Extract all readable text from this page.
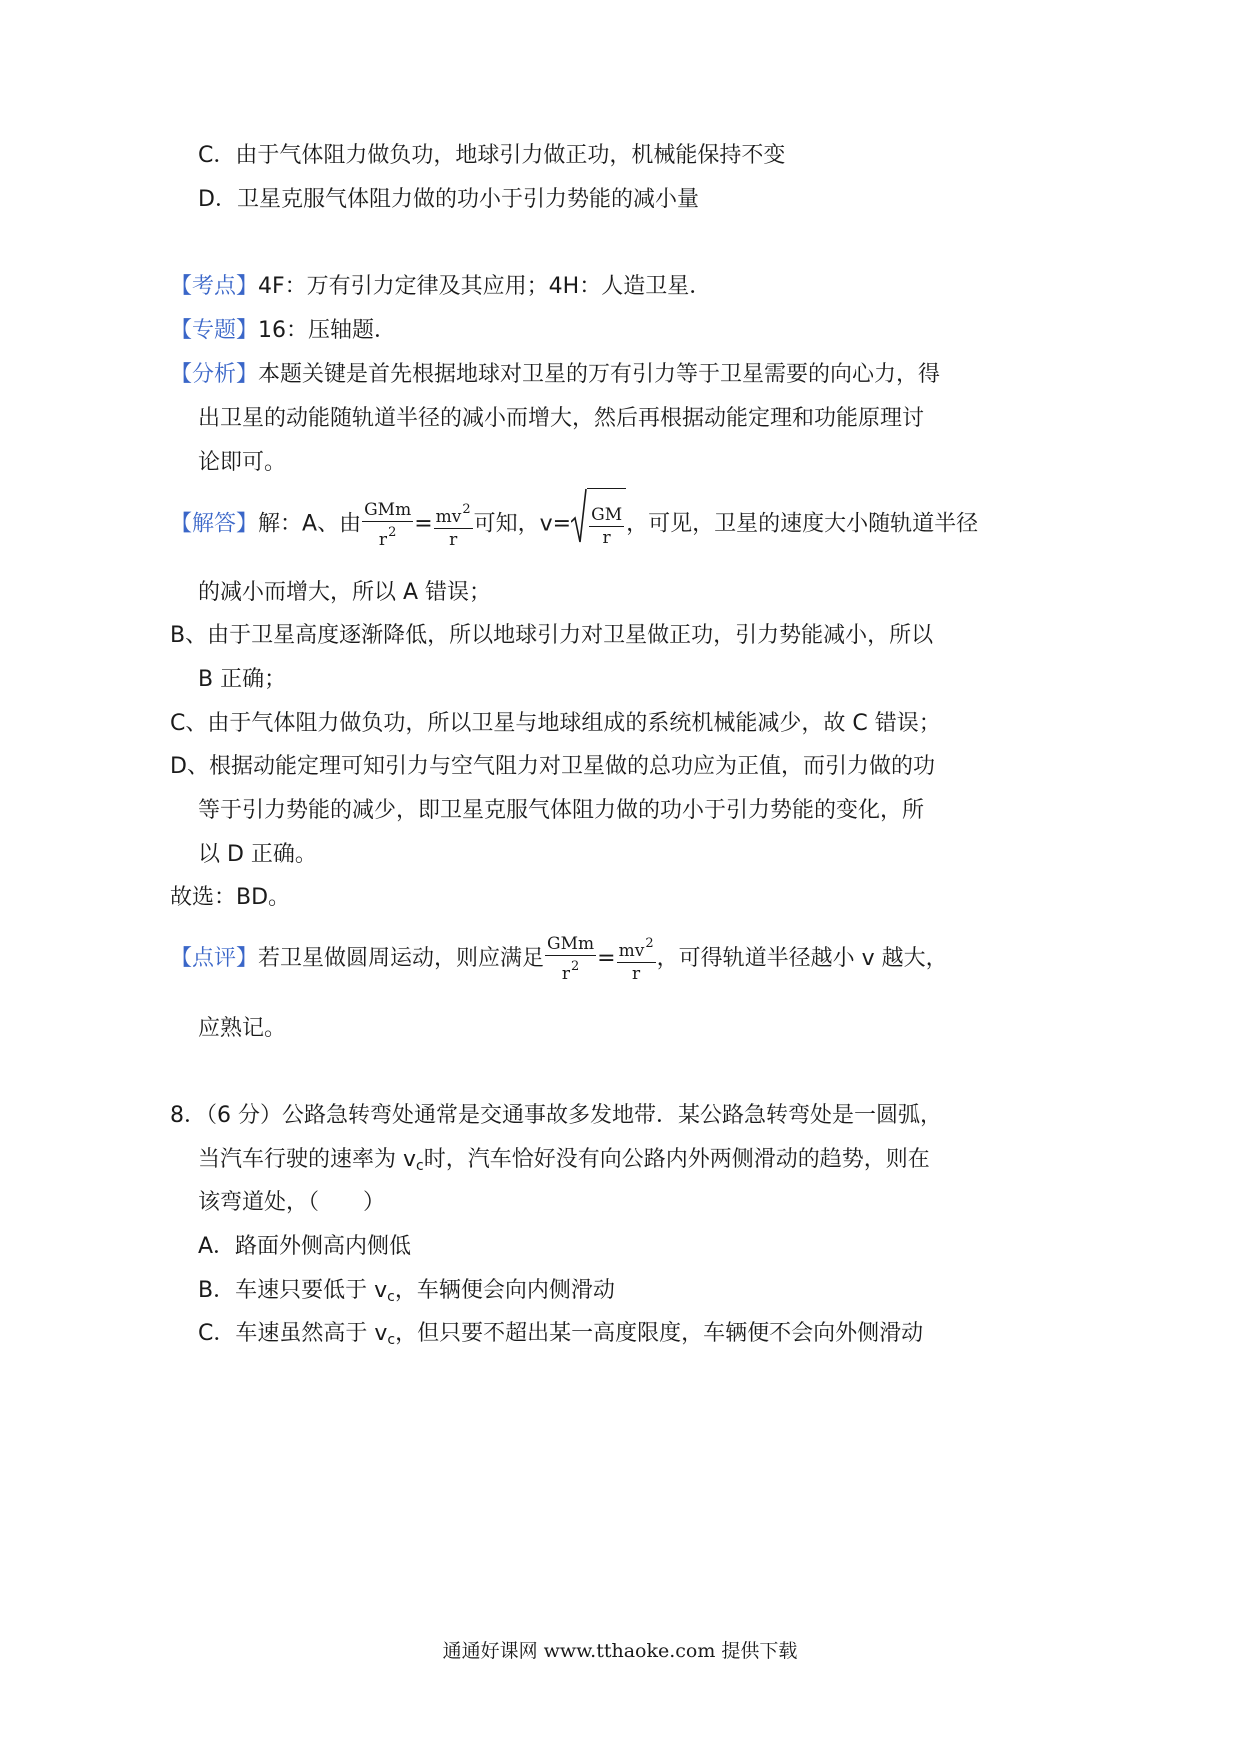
C．由于气体阻力做负功，地球引力做正功，机械能保持不变
D．卫星克服气体阻力做的功小于引力势能的减小量
【考点】4F：万有引力定律及其应用；4H：人造卫星．
【专题】16：压轴题．
【分析】本题关键是首先根据地球对卫星的万有引力等于卫星需要的向心力，得
出卫星的动能随轨道半径的减小而增大，然后再根据动能定理和功能原理讨
论即可。
【解答】解：A、由 $\frac{\text{GMm}}{r^2} = \frac{mv^2}{r}$ 可知，$v= \frac{GM}{r}$ ，可见，卫星的速度大小随轨道半径
的减小而增大，所以 A 错误；
B、由于卫星高度逐渐降低，所以地球引力对卫星做正功，引力势能减小，所以
B 正确；
C、由于气体阻力做负功，所以卫星与地球组成的系统机械能减少，故 C 错误；
D、根据动能定理可知引力与空气阻力对卫星做的总功应为正值，而引力做的功
等于引力势能的减少，即卫星克服气体阻力做的功小于引力势能的变化，所
以 D 正确。
故选：BD。
【点评】若卫星做圆周运动，则应满足 $\frac{\text{GMm}}{r^2} = \frac{mv^2}{r}$ ，可得轨道半径越小 v 越大，
应熟记。
8．（6 分）公路急转弯处通常是交通事故多发地带．某公路急转弯处是一圆弧，
当汽车行驶的速率为 $v_c$时，汽车恰好没有向公路内外两侧滑动的趋势，则在
该弯道处，（　　）
A．路面外侧高内侧低
B．车速只要低于 $v_c$，车辆便会向内侧滑动
C．车速虽然高于 $v_c$，但只要不超出某一高度限度，车辆便不会向外侧滑动
通通好课网 www.tthaoke.com 提供下载
